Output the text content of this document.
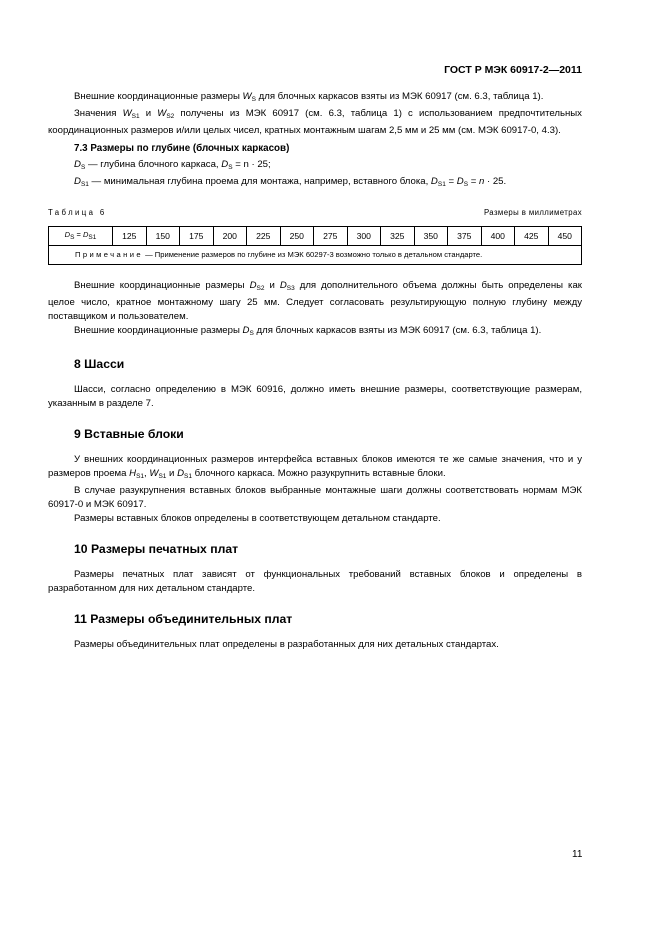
ГОСТ Р МЭК 60917-2—2011

Внешние координационные размеры $W_S$ для блочных каркасов взяты из МЭК 60917 (см. 6.3, таблица 1).

Значения $W_{S1}$ и $W_{S2}$ получены из МЭК 60917 (см. 6.3, таблица 1) с использованием предпочтительных координационных размеров и/или целых чисел, кратных монтажным шагам 2,5 мм и 25 мм (см. МЭК 60917-0, 4.3).

7.3 Размеры по глубине (блочных каркасов)

$D_S$ — глубина блочного каркаса, $D_S = n \cdot 25$;

$D_{S1}$ — минимальная глубина проема для монтажа, например, вставного блока, $D_{S1} = D_S = n \cdot 25$.

Таблица 6	Размеры в миллиметрах
DS = DS1	125	150	175	200	225	250	275	300	325	350	375	400	425	450
Примечание — Применение размеров по глубине из МЭК 60297-3 возможно только в детальном стандарте.

Внешние координационные размеры $D_{S2}$ и $D_{S3}$ для дополнительного объема должны быть определены как целое число, кратное монтажному шагу 25 мм. Следует согласовать результирующую полную глубину между поставщиком и пользователем.

Внешние координационные размеры $D_S$ для блочных каркасов взяты из МЭК 60917 (см. 6.3, таблица 1).

8 Шасси

Шасси, согласно определению в МЭК 60916, должно иметь внешние размеры, соответствующие размерам, указанным в разделе 7.

9 Вставные блоки

У внешних координационных размеров интерфейса вставных блоков имеются те же самые значения, что и у размеров проема $H_{S1}$, $W_{S1}$ и $D_{S1}$ блочного каркаса. Можно разукрупнить вставные блоки.

В случае разукрупнения вставных блоков выбранные монтажные шаги должны соответствовать нормам МЭК 60917-0 и МЭК 60917.

Размеры вставных блоков определены в соответствующем детальном стандарте.

10 Размеры печатных плат

Размеры печатных плат зависят от функциональных требований вставных блоков и определены в разработанном для них детальном стандарте.

11 Размеры объединительных плат

Размеры объединительных плат определены в разработанных для них детальных стандартах.

11
